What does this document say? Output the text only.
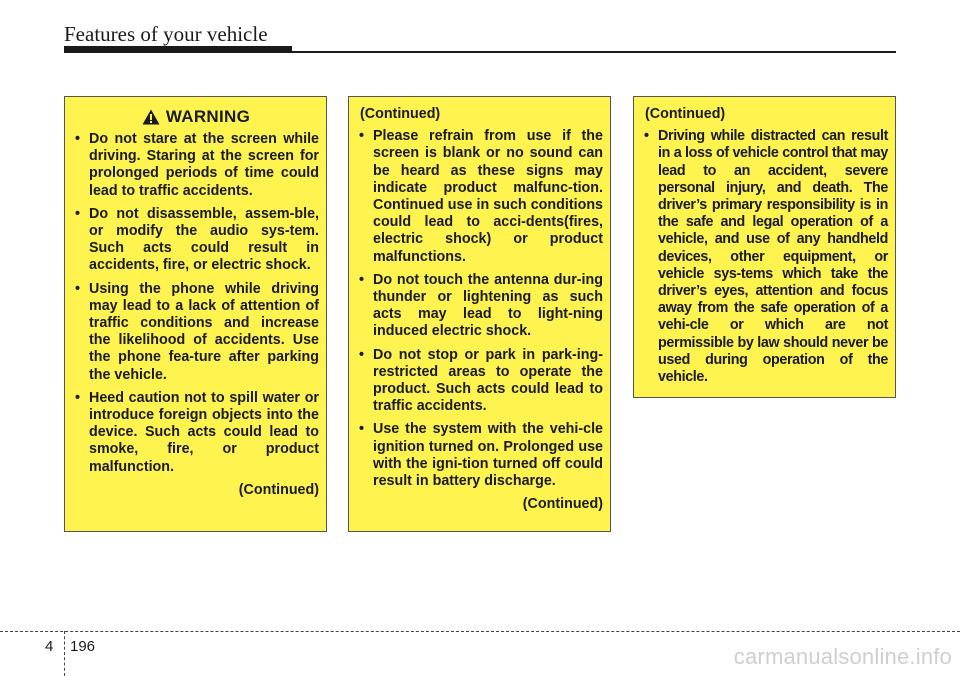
Features of your vehicle
WARNING
• Do not stare at the screen while driving. Staring at the screen for prolonged periods of time could lead to traffic accidents.
• Do not disassemble, assem-ble, or modify the audio sys-tem. Such acts could result in accidents, fire, or electric shock.
• Using the phone while driving may lead to a lack of attention of traffic conditions and increase the likelihood of accidents. Use the phone fea-ture after parking the vehicle.
• Heed caution not to spill water or introduce foreign objects into the device. Such acts could lead to smoke, fire, or product malfunction.
(Continued)
(Continued)
• Please refrain from use if the screen is blank or no sound can be heard as these signs may indicate product malfunc-tion. Continued use in such conditions could lead to acci-dents(fires, electric shock) or product malfunctions.
• Do not touch the antenna dur-ing thunder or lightening as such acts may lead to light-ning induced electric shock.
• Do not stop or park in park-ing-restricted areas to operate the product. Such acts could lead to traffic accidents.
• Use the system with the vehi-cle ignition turned on. Prolonged use with the igni-tion turned off could result in battery discharge.
(Continued)
(Continued)
• Driving while distracted can result in a loss of vehicle control that may lead to an accident, severe personal injury, and death. The driver’s primary responsibility is in the safe and legal operation of a vehicle, and use of any handheld devices, other equipment, or vehicle sys-tems which take the driver’s eyes, attention and focus away from the safe operation of a vehi-cle or which are not permissible by law should never be used during operation of the vehicle.
4 196	carmanualsonline.info
